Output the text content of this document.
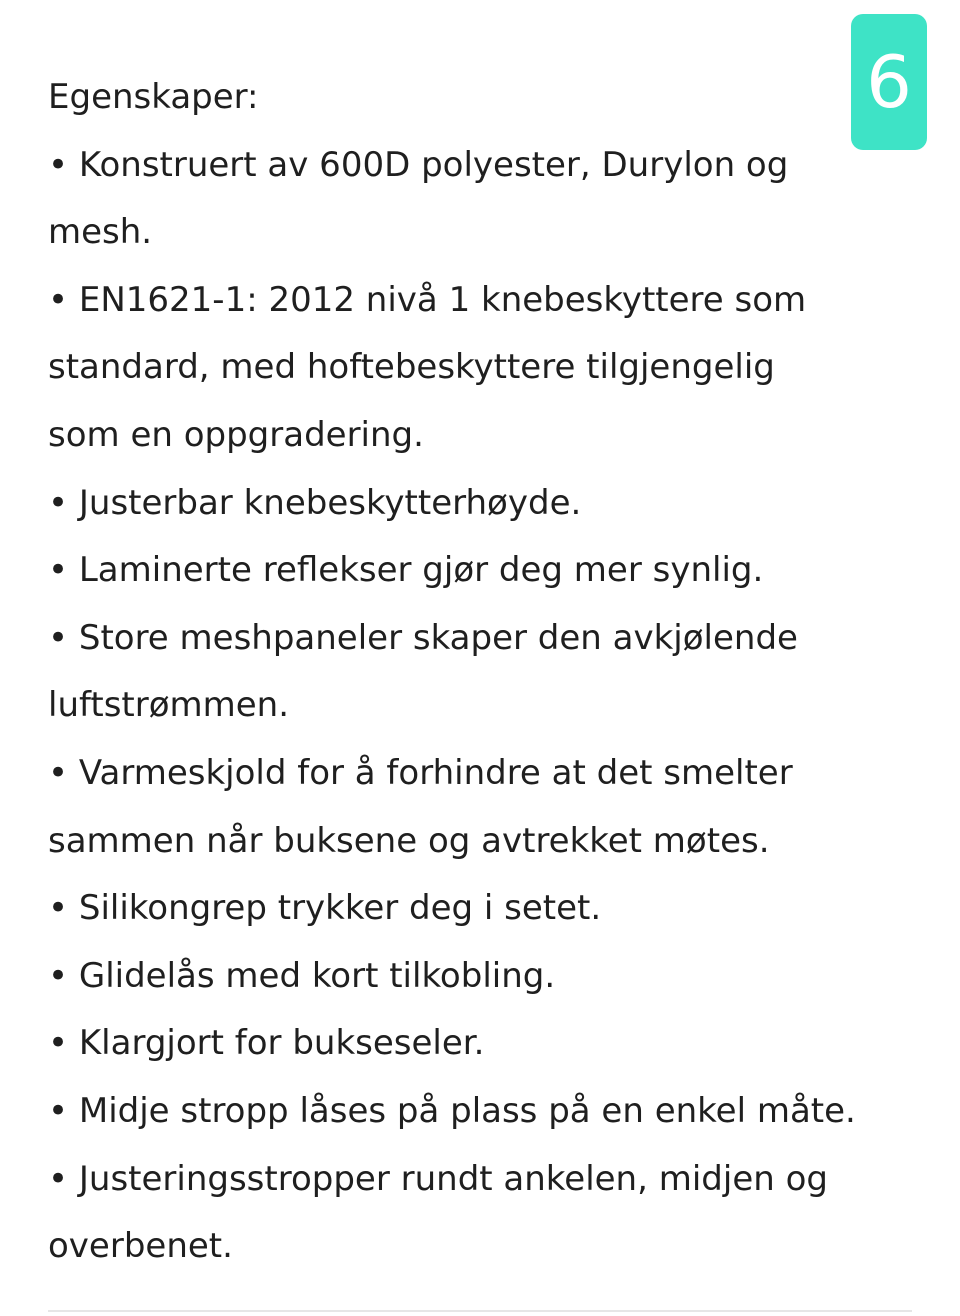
6
Egenskaper:
• Konstruert av 600D polyester, Durylon og
mesh.
• EN1621-1: 2012 nivå 1 knebeskyttere som
standard, med hoftebeskyttere tilgjengelig
som en oppgradering.
• Justerbar knebeskytterhøyde.
• Laminerte reflekser gjør deg mer synlig.
• Store meshpaneler skaper den avkjølende
luftstrømmen.
• Varmeskjold for å forhindre at det smelter
sammen når buksene og avtrekket møtes.
• Silikongrep trykker deg i setet.
• Glidelås med kort tilkobling.
• Klargjort for bukseseler.
• Midje stropp låses på plass på en enkel måte.
• Justeringsstropper rundt ankelen, midjen og
overbenet.
